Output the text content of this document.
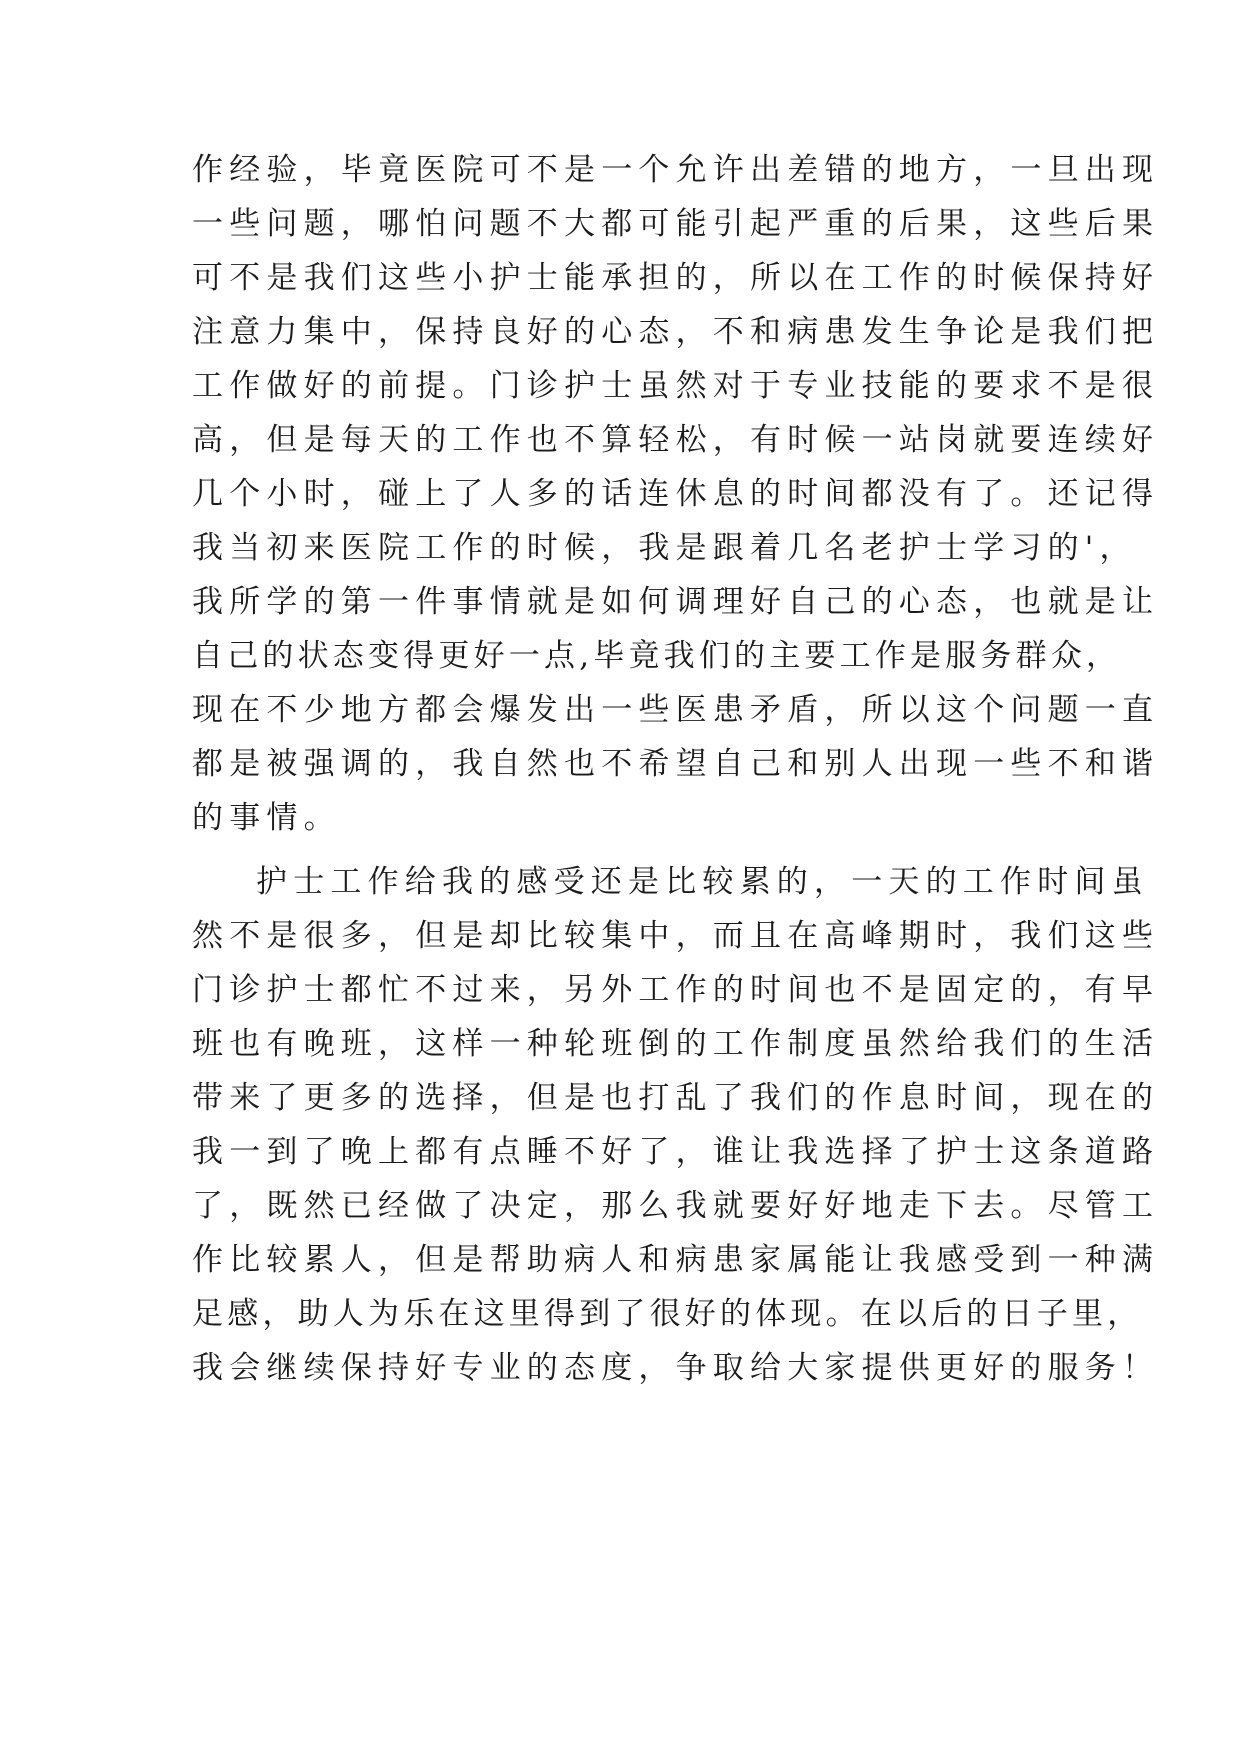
作经验，毕竟医院可不是一个允许出差错的地方，一旦出现
一些问题，哪怕问题不大都可能引起严重的后果，这些后果
可不是我们这些小护士能承担的，所以在工作的时候保持好
注意力集中，保持良好的心态，不和病患发生争论是我们把
工作做好的前提。门诊护士虽然对于专业技能的要求不是很
高，但是每天的工作也不算轻松，有时候一站岗就要连续好
几个小时，碰上了人多的话连休息的时间都没有了。还记得
我当初来医院工作的时候，我是跟着几名老护士学习的'，
我所学的第一件事情就是如何调理好自己的心态，也就是让
自己的状态变得更好一点,毕竟我们的主要工作是服务群众，
现在不少地方都会爆发出一些医患矛盾，所以这个问题一直
都是被强调的，我自然也不希望自己和别人出现一些不和谐
的事情。
护士工作给我的感受还是比较累的，一天的工作时间虽
然不是很多，但是却比较集中，而且在高峰期时，我们这些
门诊护士都忙不过来，另外工作的时间也不是固定的，有早
班也有晚班，这样一种轮班倒的工作制度虽然给我们的生活
带来了更多的选择，但是也打乱了我们的作息时间，现在的
我一到了晚上都有点睡不好了，谁让我选择了护士这条道路
了，既然已经做了决定，那么我就要好好地走下去。尽管工
作比较累人，但是帮助病人和病患家属能让我感受到一种满
足感，助人为乐在这里得到了很好的体现。在以后的日子里，
我会继续保持好专业的态度，争取给大家提供更好的服务！
